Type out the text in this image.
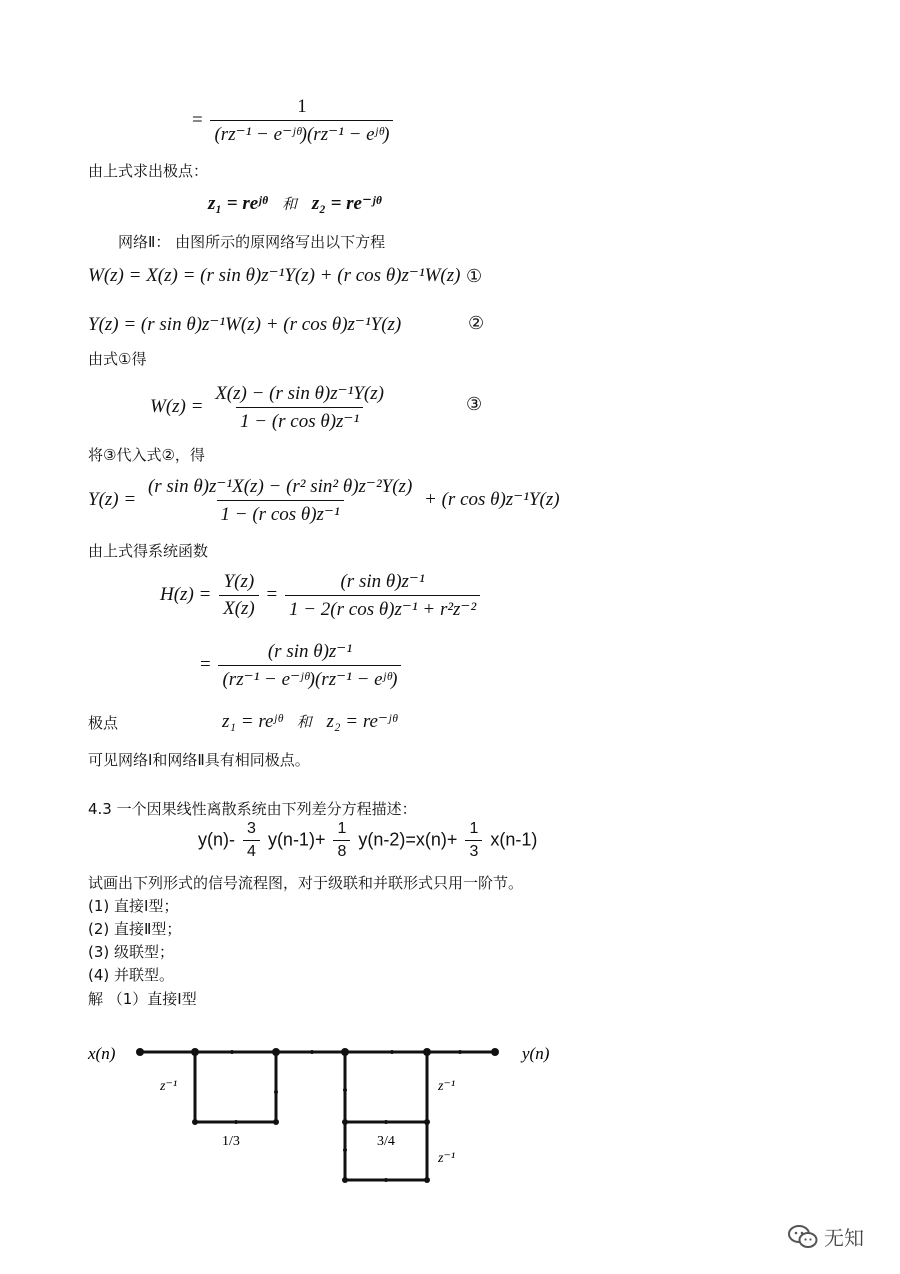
= $\frac{1}{\text{(rz⁻¹ − e⁻ʲᶿ)(rz⁻¹ − eʲᶿ)}}$
由上式求出极点：
z₁ = reʲᶿ 和 z₂ = re⁻ʲᶿ
网络Ⅱ： 由图所示的原网络写出以下方程
W(z) = X(z) = (r sin θ)z⁻¹Y(z) + (r cos θ)z⁻¹W(z) ①
Y(z) = (r sin θ)z⁻¹W(z) + (r cos θ)z⁻¹Y(z)	②
由式①得
$W(z) = \frac{\text{X(z) − (r sin θ)z⁻¹Y(z)}}{\text{1 − (r cos θ)z⁻¹}}$	③
将③代入式②，得
$Y(z) = \frac{\text{(r sin θ)z⁻¹X(z) − (r² sin² θ)z⁻²Y(z)}}{\text{1 − (r cos θ)z⁻¹}} + (r$ cos θ)z⁻¹Y(z)
由上式得系统函数
$H(z) = \frac{Y(z)}{X(z)} = \frac{\text{(r sin θ)z⁻¹}}{\text{1 − 2(r cos θ)z⁻¹ + r²z⁻²}}$
= $\frac{\text{(r sin θ)z⁻¹}}{\text{(rz⁻¹ − e⁻ʲᶿ)(rz⁻¹ − eʲᶿ)}}$
极点	z₁ = reʲᶿ 和 z₂ = re⁻ʲᶿ
可见网络Ⅰ和网络Ⅱ具有相同极点。
4.3 一个因果线性离散系统由下列差分方程描述：
$y(n)- \frac{3}{4} y(n-1)+ \frac{1}{8} y(n-2)=x(n)+ \frac{1}{3} x(n-1)$
试画出下列形式的信号流程图，对于级联和并联形式只用一阶节。
(1) 直接Ⅰ型；
(2) 直接Ⅱ型；
(3) 级联型；
(4) 并联型。
解 （1）直接Ⅰ型
x(n)	y(n)
z⁻¹
1/3	3/4
z⁻¹
z⁻¹
无知
